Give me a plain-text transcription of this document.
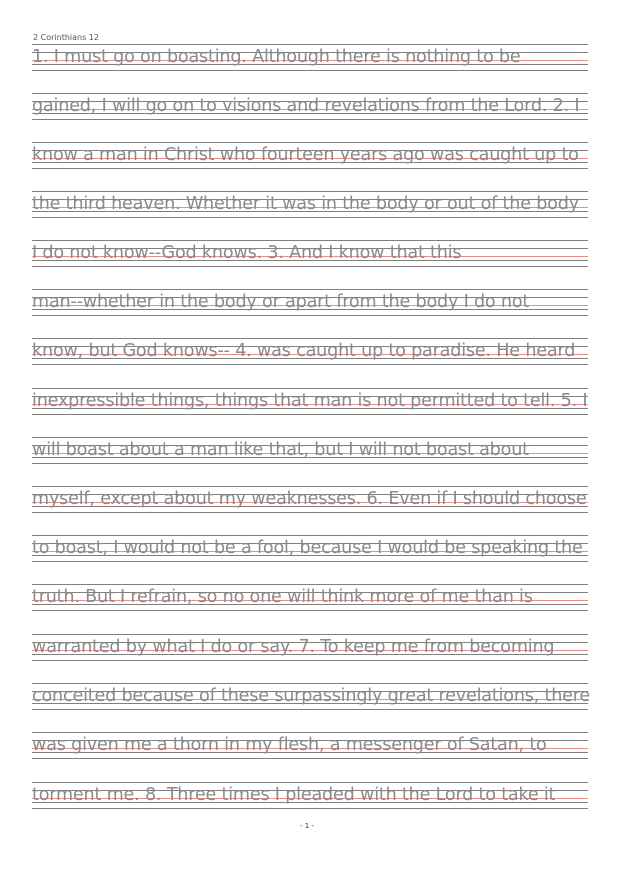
2 Corinthians 12
1. I must go on boasting. Although there is nothing to be
gained, I will go on to visions and revelations from the Lord. 2. I
know a man in Christ who fourteen years ago was caught up to
the third heaven. Whether it was in the body or out of the body
I do not know--God knows. 3. And I know that this
man--whether in the body or apart from the body I do not
know, but God knows-- 4. was caught up to paradise. He heard
inexpressible things, things that man is not permitted to tell. 5. I
will boast about a man like that, but I will not boast about
myself, except about my weaknesses. 6. Even if I should choose
to boast, I would not be a fool, because I would be speaking the
truth. But I refrain, so no one will think more of me than is
warranted by what I do or say. 7. To keep me from becoming
conceited because of these surpassingly great revelations, there
was given me a thorn in my flesh, a messenger of Satan, to
torment me. 8. Three times I pleaded with the Lord to take it
- 1 -
